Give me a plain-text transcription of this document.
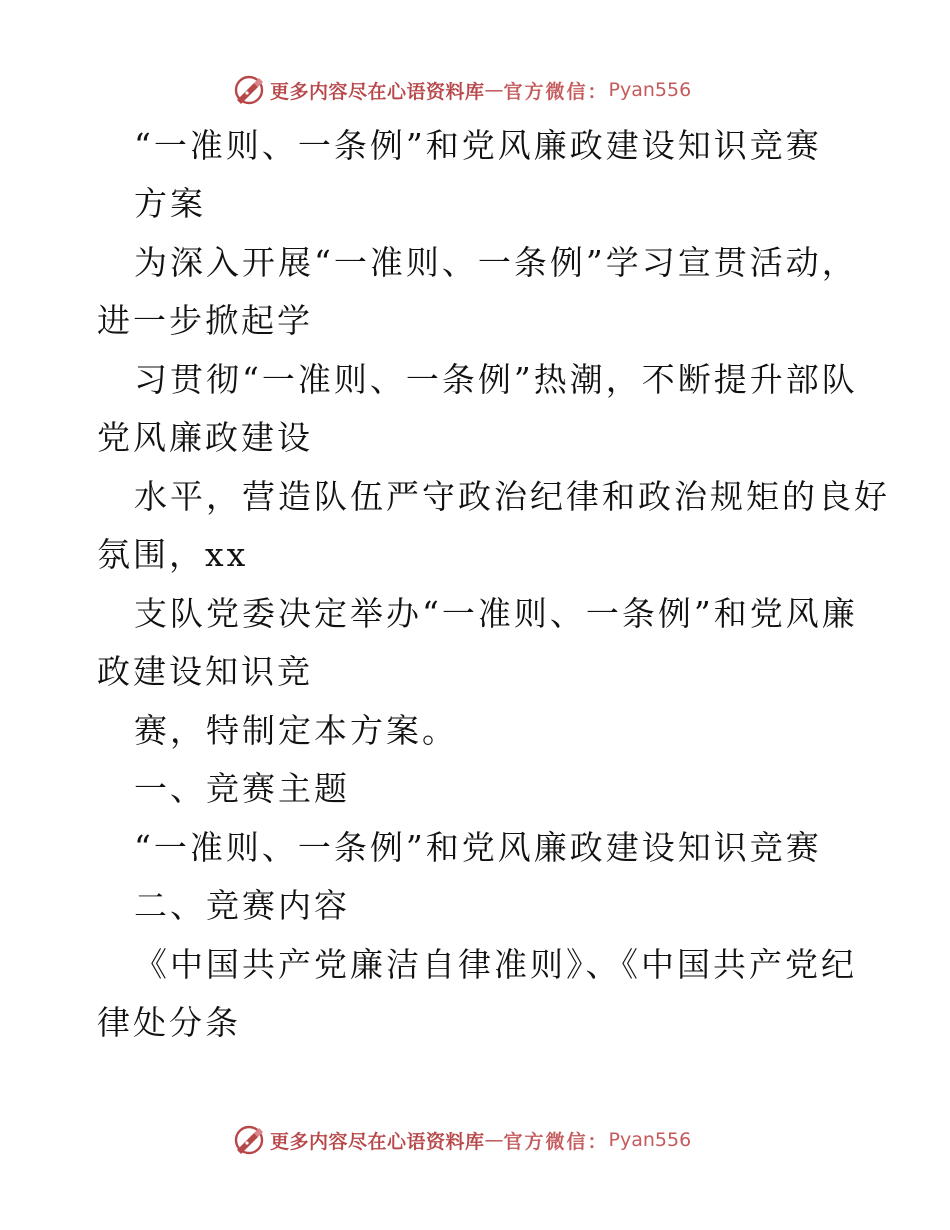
更多内容尽在心语资料库 — 官方微信： Pyan556
“一准则、一条例”和党风廉政建设知识竞赛
方案
为深入开展“一准则、一条例”学习宣贯活动，
进一步掀起学
习贯彻“一准则、一条例”热潮，不断提升部队
党风廉政建设
水平，营造队伍严守政治纪律和政治规矩的良好
氛围，xx
支队党委决定举办“一准则、一条例”和党风廉
政建设知识竞
赛，特制定本方案。
一、竞赛主题
“一准则、一条例”和党风廉政建设知识竞赛
二、竞赛内容
《中国共产党廉洁自律准则》、《中国共产党纪
律处分条
更多内容尽在心语资料库 — 官方微信： Pyan556
